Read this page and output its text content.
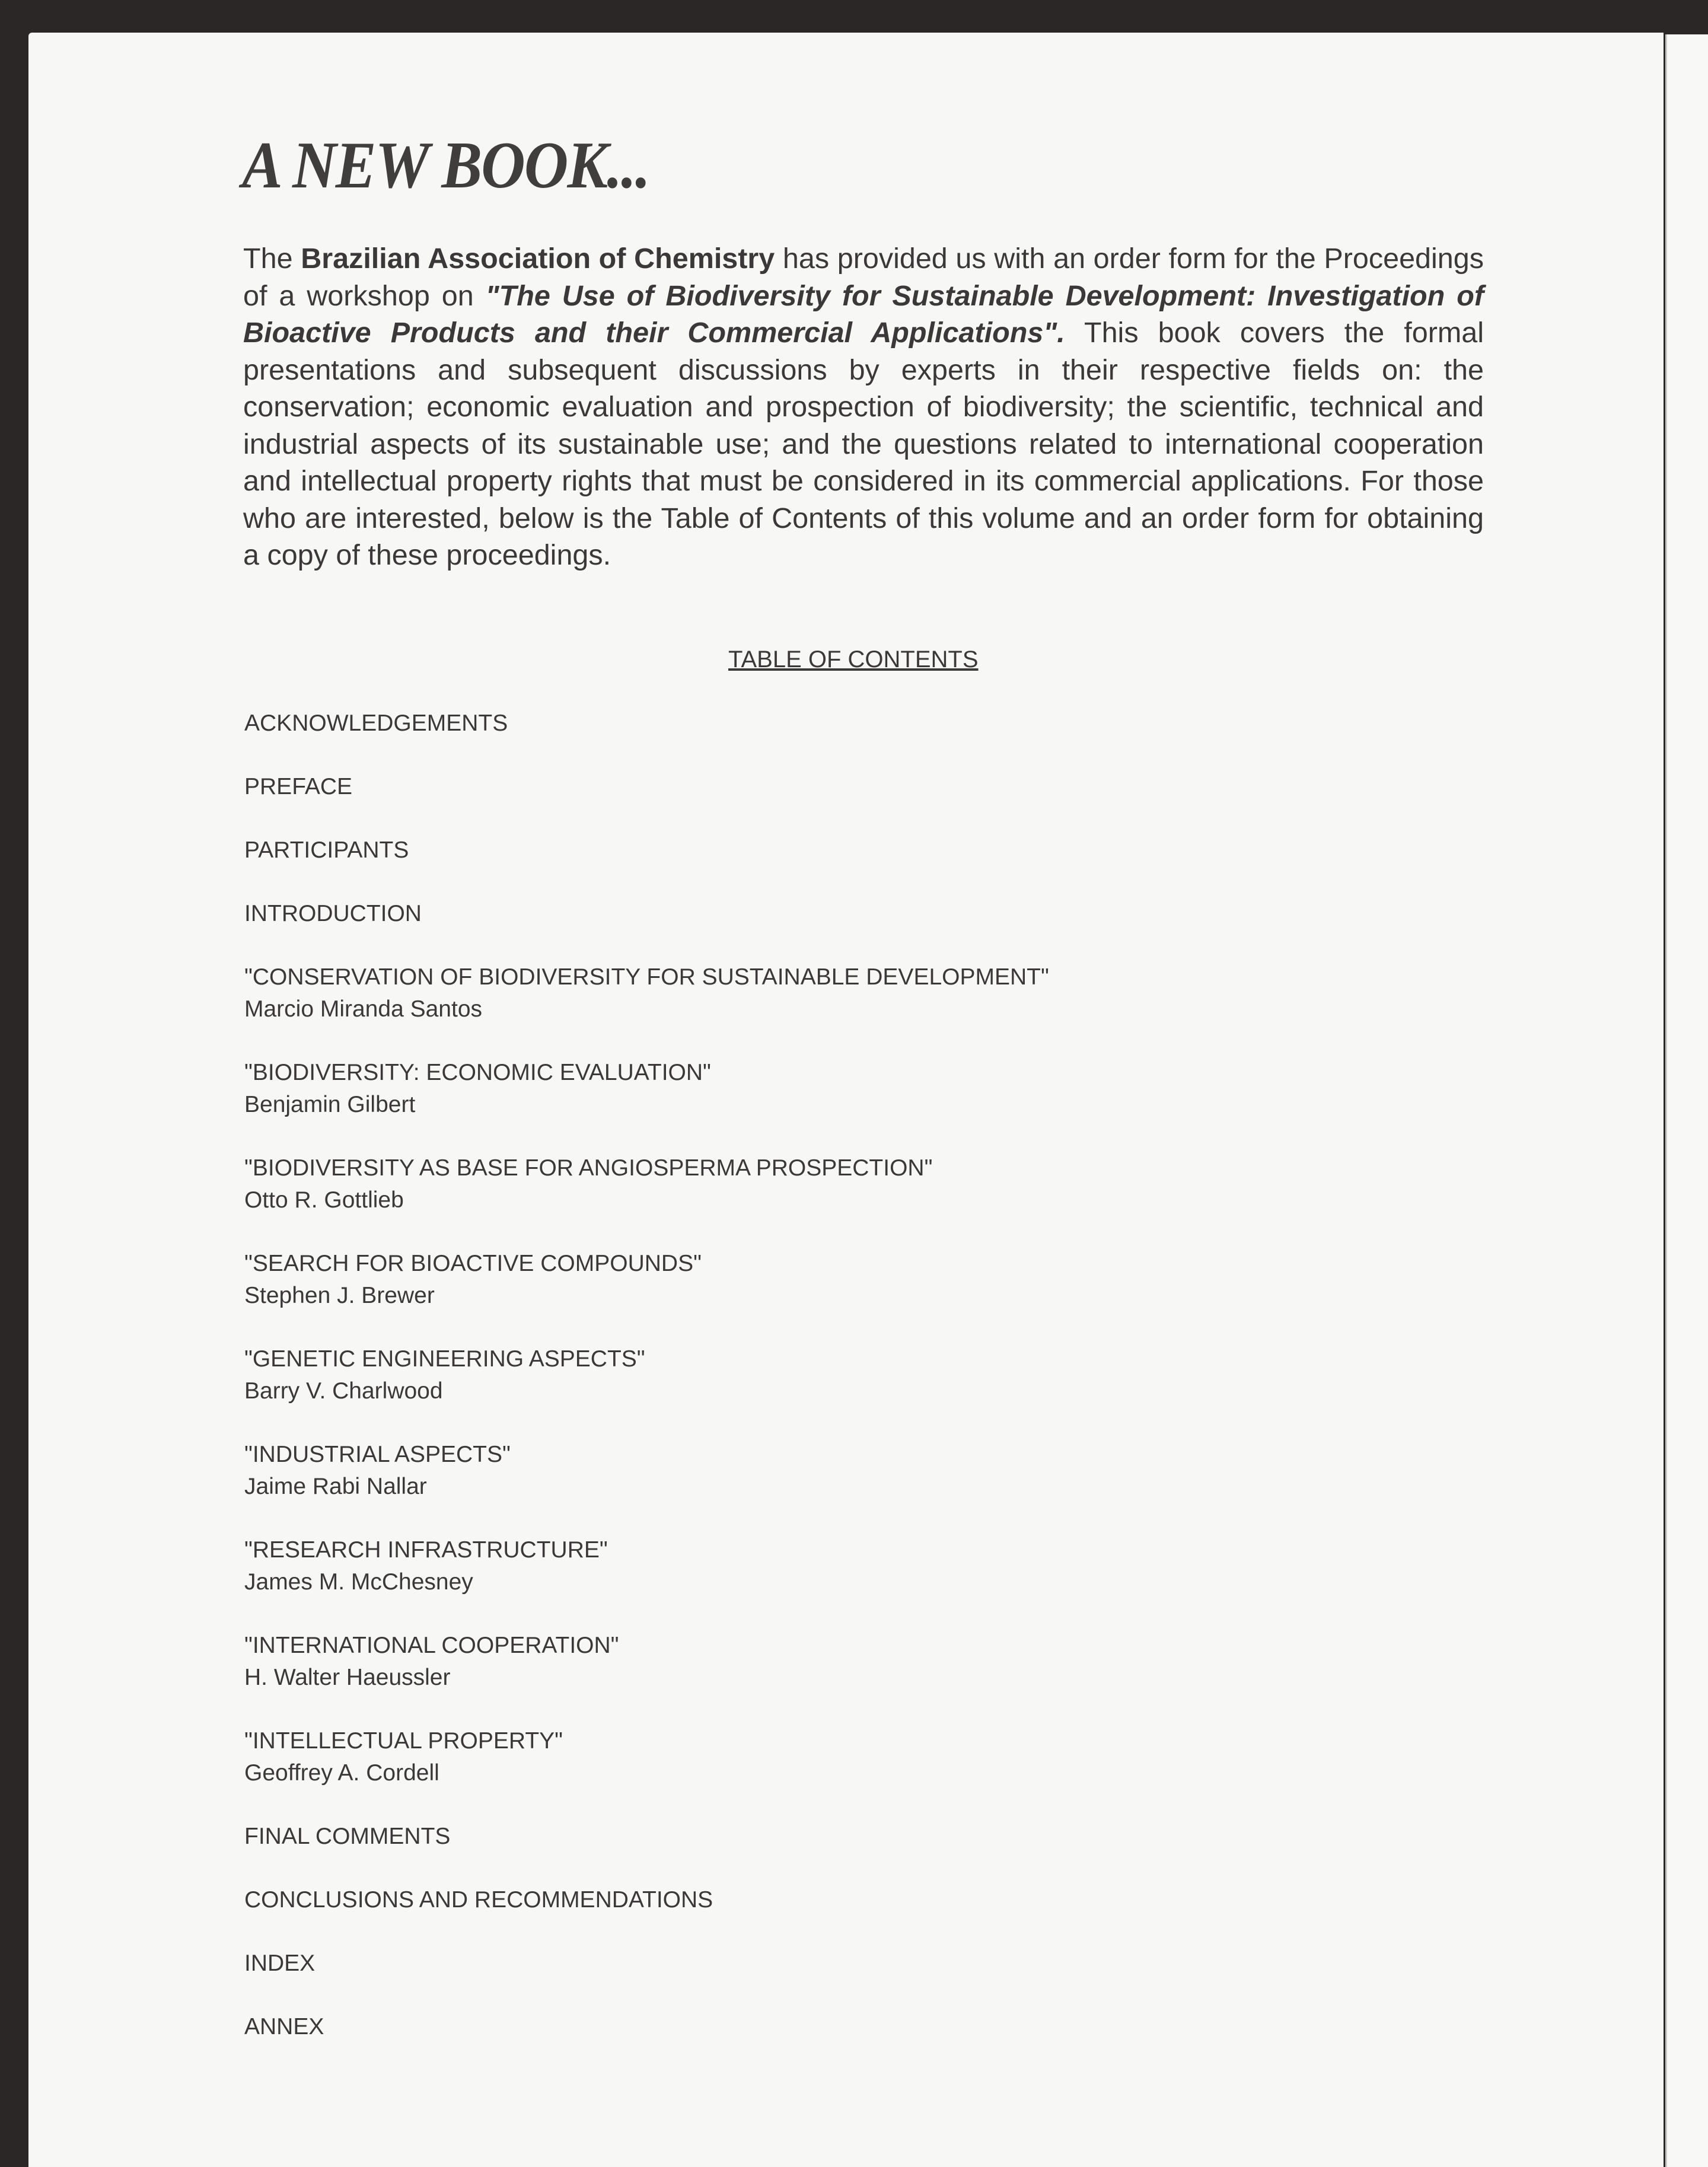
A NEW BOOK...

The Brazilian Association of Chemistry has provided us with an order form for the Proceedings of a workshop on "The Use of Biodiversity for Sustainable Development: Investigation of Bioactive Products and their Commercial Applications". This book covers the formal presentations and subsequent discussions by experts in their respective fields on: the conservation; economic evaluation and prospection of biodiversity; the scientific, technical and industrial aspects of its sustainable use; and the questions related to international cooperation and intellectual property rights that must be considered in its commercial applications. For those who are interested, below is the Table of Contents of this volume and an order form for obtaining a copy of these proceedings.

TABLE OF CONTENTS
ACKNOWLEDGEMENTS
PREFACE
PARTICIPANTS
INTRODUCTION
"CONSERVATION OF BIODIVERSITY FOR SUSTAINABLE DEVELOPMENT"
Marcio Miranda Santos
"BIODIVERSITY: ECONOMIC EVALUATION"
Benjamin Gilbert
"BIODIVERSITY AS BASE FOR ANGIOSPERMA PROSPECTION"
Otto R. Gottlieb
"SEARCH FOR BIOACTIVE COMPOUNDS"
Stephen J. Brewer
"GENETIC ENGINEERING ASPECTS"
Barry V. Charlwood
"INDUSTRIAL ASPECTS"
Jaime Rabi Nallar
"RESEARCH INFRASTRUCTURE"
James M. McChesney
"INTERNATIONAL COOPERATION"
H. Walter Haeussler
"INTELLECTUAL PROPERTY"
Geoffrey A. Cordell
FINAL COMMENTS
CONCLUSIONS AND RECOMMENDATIONS
INDEX
ANNEX
